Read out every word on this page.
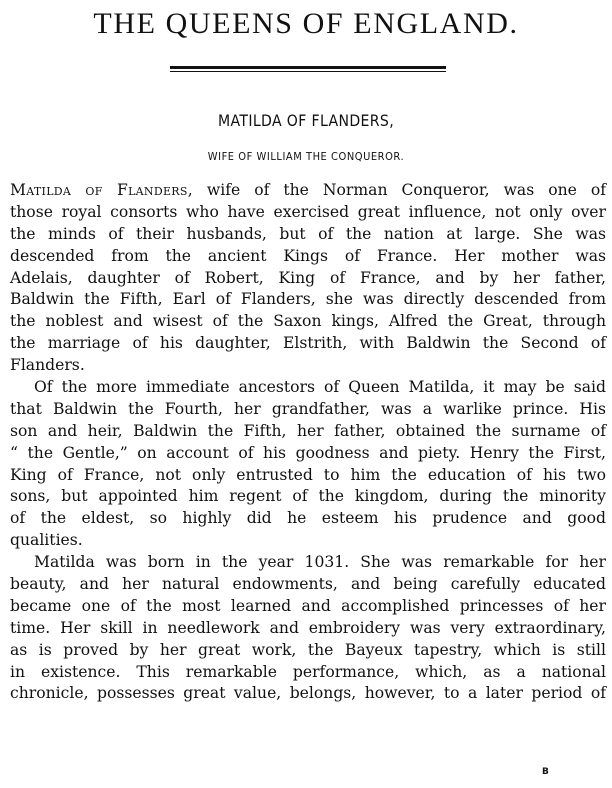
THE QUEENS OF ENGLAND.
MATILDA OF FLANDERS,
WIFE OF WILLIAM THE CONQUEROR.
Matilda of Flanders, wife of the Norman Conqueror, was one of
those royal consorts who have exercised great influence, not only over
the minds of their husbands, but of the nation at large. She was
descended from the ancient Kings of France. Her mother was
Adelais, daughter of Robert, King of France, and by her father,
Baldwin the Fifth, Earl of Flanders, she was directly descended from
the noblest and wisest of the Saxon kings, Alfred the Great, through
the marriage of his daughter, Elstrith, with Baldwin the Second of
Flanders.
Of the more immediate ancestors of Queen Matilda, it may be said
that Baldwin the Fourth, her grandfather, was a warlike prince. His
son and heir, Baldwin the Fifth, her father, obtained the surname of
“ the Gentle,” on account of his goodness and piety. Henry the First,
King of France, not only entrusted to him the education of his two
sons, but appointed him regent of the kingdom, during the minority
of the eldest, so highly did he esteem his prudence and good
qualities.
Matilda was born in the year 1031. She was remarkable for her
beauty, and her natural endowments, and being carefully educated
became one of the most learned and accomplished princesses of her
time. Her skill in needlework and embroidery was very extraordinary,
as is proved by her great work, the Bayeux tapestry, which is still
in existence. This remarkable performance, which, as a national
chronicle, possesses great value, belongs, however, to a later period of
B
